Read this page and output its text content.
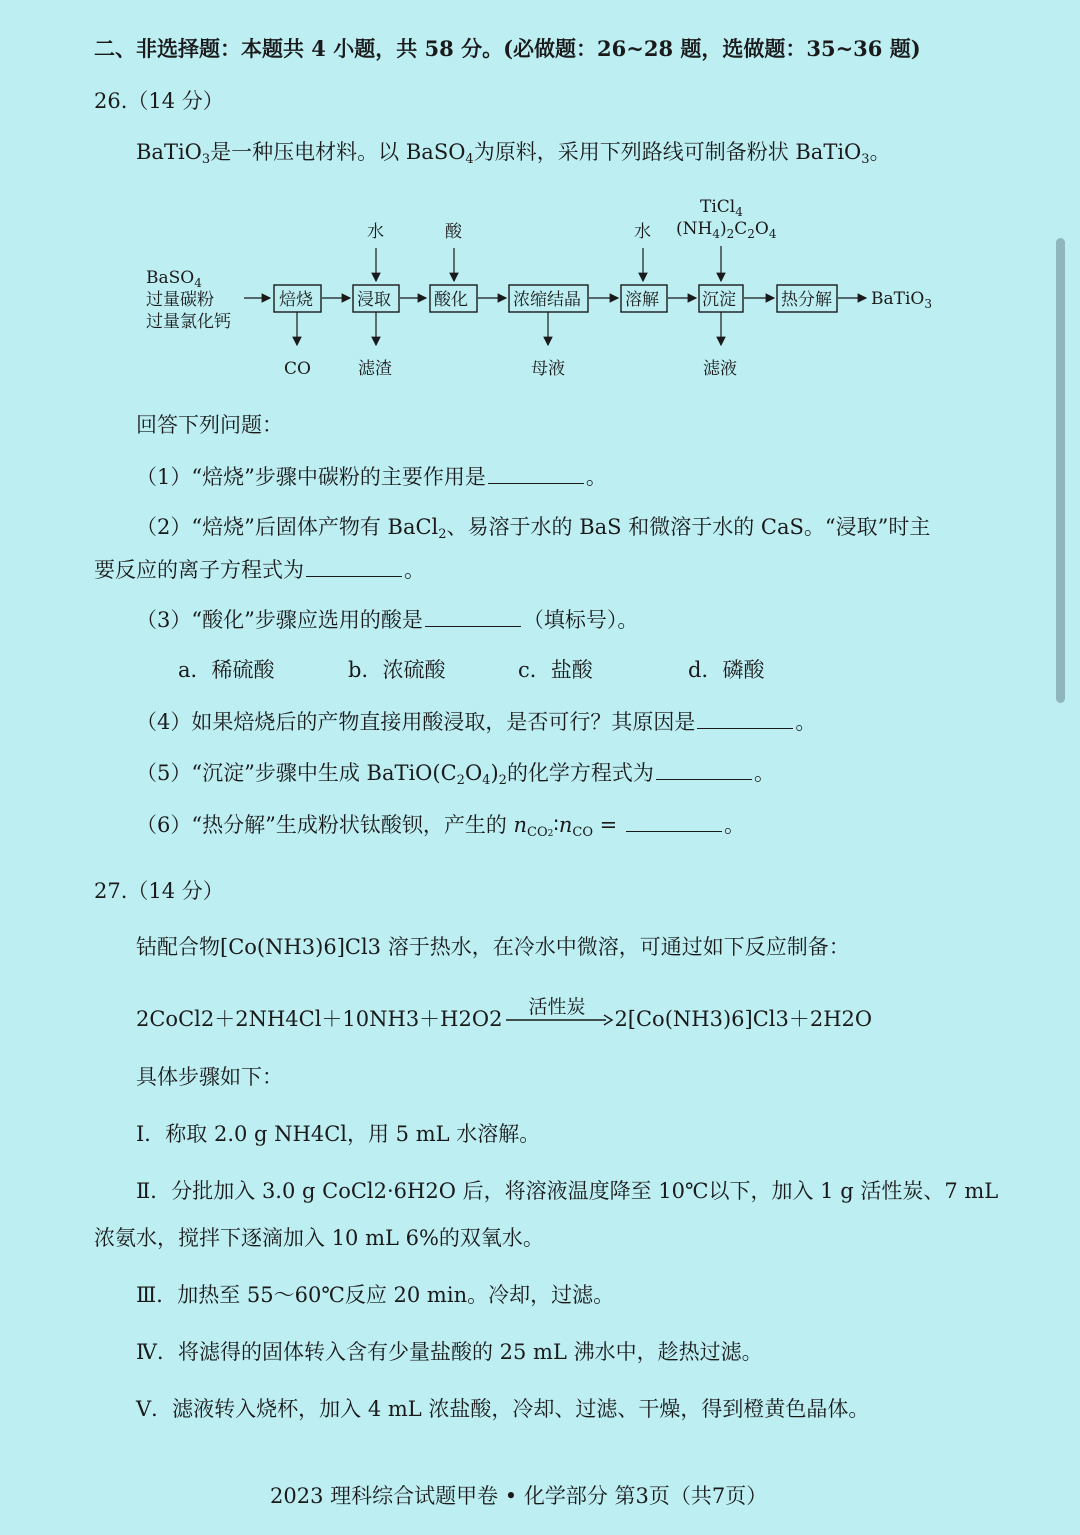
二、非选择题：本题共 4 小题，共 58 分。(必做题：26~28 题，选做题：35~36 题)
26.（14 分）
BaTiO$_3$是一种压电材料。以 BaSO$_4$为原料，采用下列路线可制备粉状 BaTiO$_3$。
BaSO$_4$
过量碳粉
过量氯化钙
焙烧	浸取	酸化	浓缩结晶	溶解	沉淀	热分解 BaTiO$_3$
水	酸	水
TiCl$_4$
$(NH_4)_2C_2O_4$
CO	滤渣	母液	滤液
回答下列问题：
（1）“焙烧”步骤中碳粉的主要作用是	。
（2）“焙烧”后固体产物有 BaCl$_2$、易溶于水的 BaS 和微溶于水的 CaS。“浸取”时主
要反应的离子方程式为	。
（3）“酸化”步骤应选用的酸是	（填标号）。
a．稀硫酸	b．浓硫酸	c．盐酸	d．磷酸
（4）如果焙烧后的产物直接用酸浸取，是否可行？其原因是	。
（5）“沉淀”步骤中生成 $BaTiO(C_2O_4)_2$的化学方程式为	。
（6）“热分解”生成粉状钛酸钡，产生的 $n_{CO2}∶n_{CO}$ =	。
27.（14 分）
钴配合物[Co(NH3)6]Cl3 溶于热水，在冷水中微溶，可通过如下反应制备：
2CoCl2＋2NH4Cl＋10NH3＋H2O2 活性炭 2[Co(NH3)6]Cl3＋2H2O
具体步骤如下：
Ⅰ．称取 2.0 g NH4Cl，用 5 mL 水溶解。
Ⅱ．分批加入 3.0 g CoCl2·6H2O 后，将溶液温度降至 10℃以下，加入 1 g 活性炭、7 mL
浓氨水，搅拌下逐滴加入 10 mL 6%的双氧水。
Ⅲ．加热至 55～60℃反应 20 min。冷却，过滤。
Ⅳ．将滤得的固体转入含有少量盐酸的 25 mL 沸水中，趁热过滤。
Ⅴ．滤液转入烧杯，加入 4 mL 浓盐酸，冷却、过滤、干燥，得到橙黄色晶体。
2023 理科综合试题甲卷 • 化学部分 第3页（共7页）
